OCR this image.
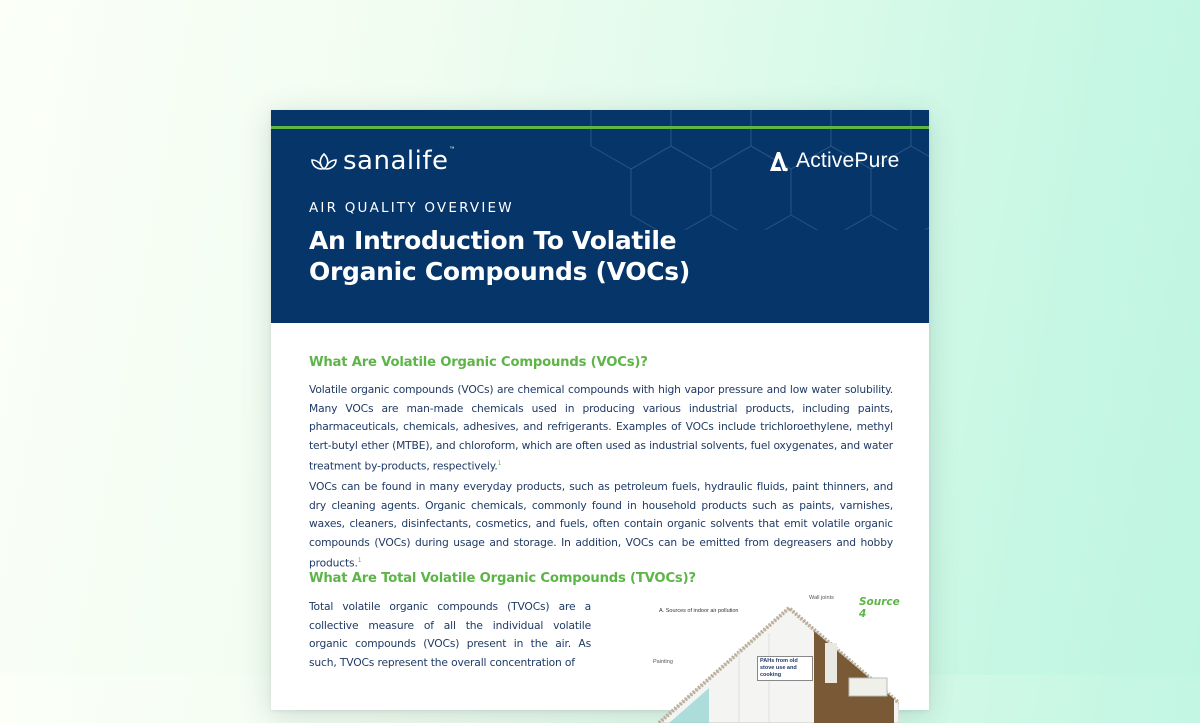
sanalife ™	ActivePure
AIR QUALITY OVERVIEW
An Introduction To Volatile
Organic Compounds (VOCs)
What Are Volatile Organic Compounds (VOCs)?

Volatile organic compounds (VOCs) are chemical compounds with high vapor pressure and low water solubility. Many VOCs are man-made chemicals used in producing various industrial products, including paints, pharmaceuticals, chemicals, adhesives, and refrigerants. Examples of VOCs include trichloroethylene, methyl tert-butyl ether (MTBE), and chloroform, which are often used as industrial solvents, fuel oxygenates, and water treatment by-products, respectively.$^1$

VOCs can be found in many everyday products, such as petroleum fuels, hydraulic fluids, paint thinners, and dry cleaning agents. Organic chemicals, commonly found in household products such as paints, varnishes, waxes, cleaners, disinfectants, cosmetics, and fuels, often contain organic solvents that emit volatile organic compounds (VOCs) during usage and storage. In addition, VOCs can be emitted from degreasers and hobby products.$^1$

What Are Total Volatile Organic Compounds (TVOCs)?

Total volatile organic compounds (TVOCs) are a collective measure of all the individual volatile organic compounds (VOCs) present in the air. As such, TVOCs represent the overall concentration of

A. Sources of indoor air pollution
Wall joints Source 4
Painting	PAHs from old stove use and cooking
